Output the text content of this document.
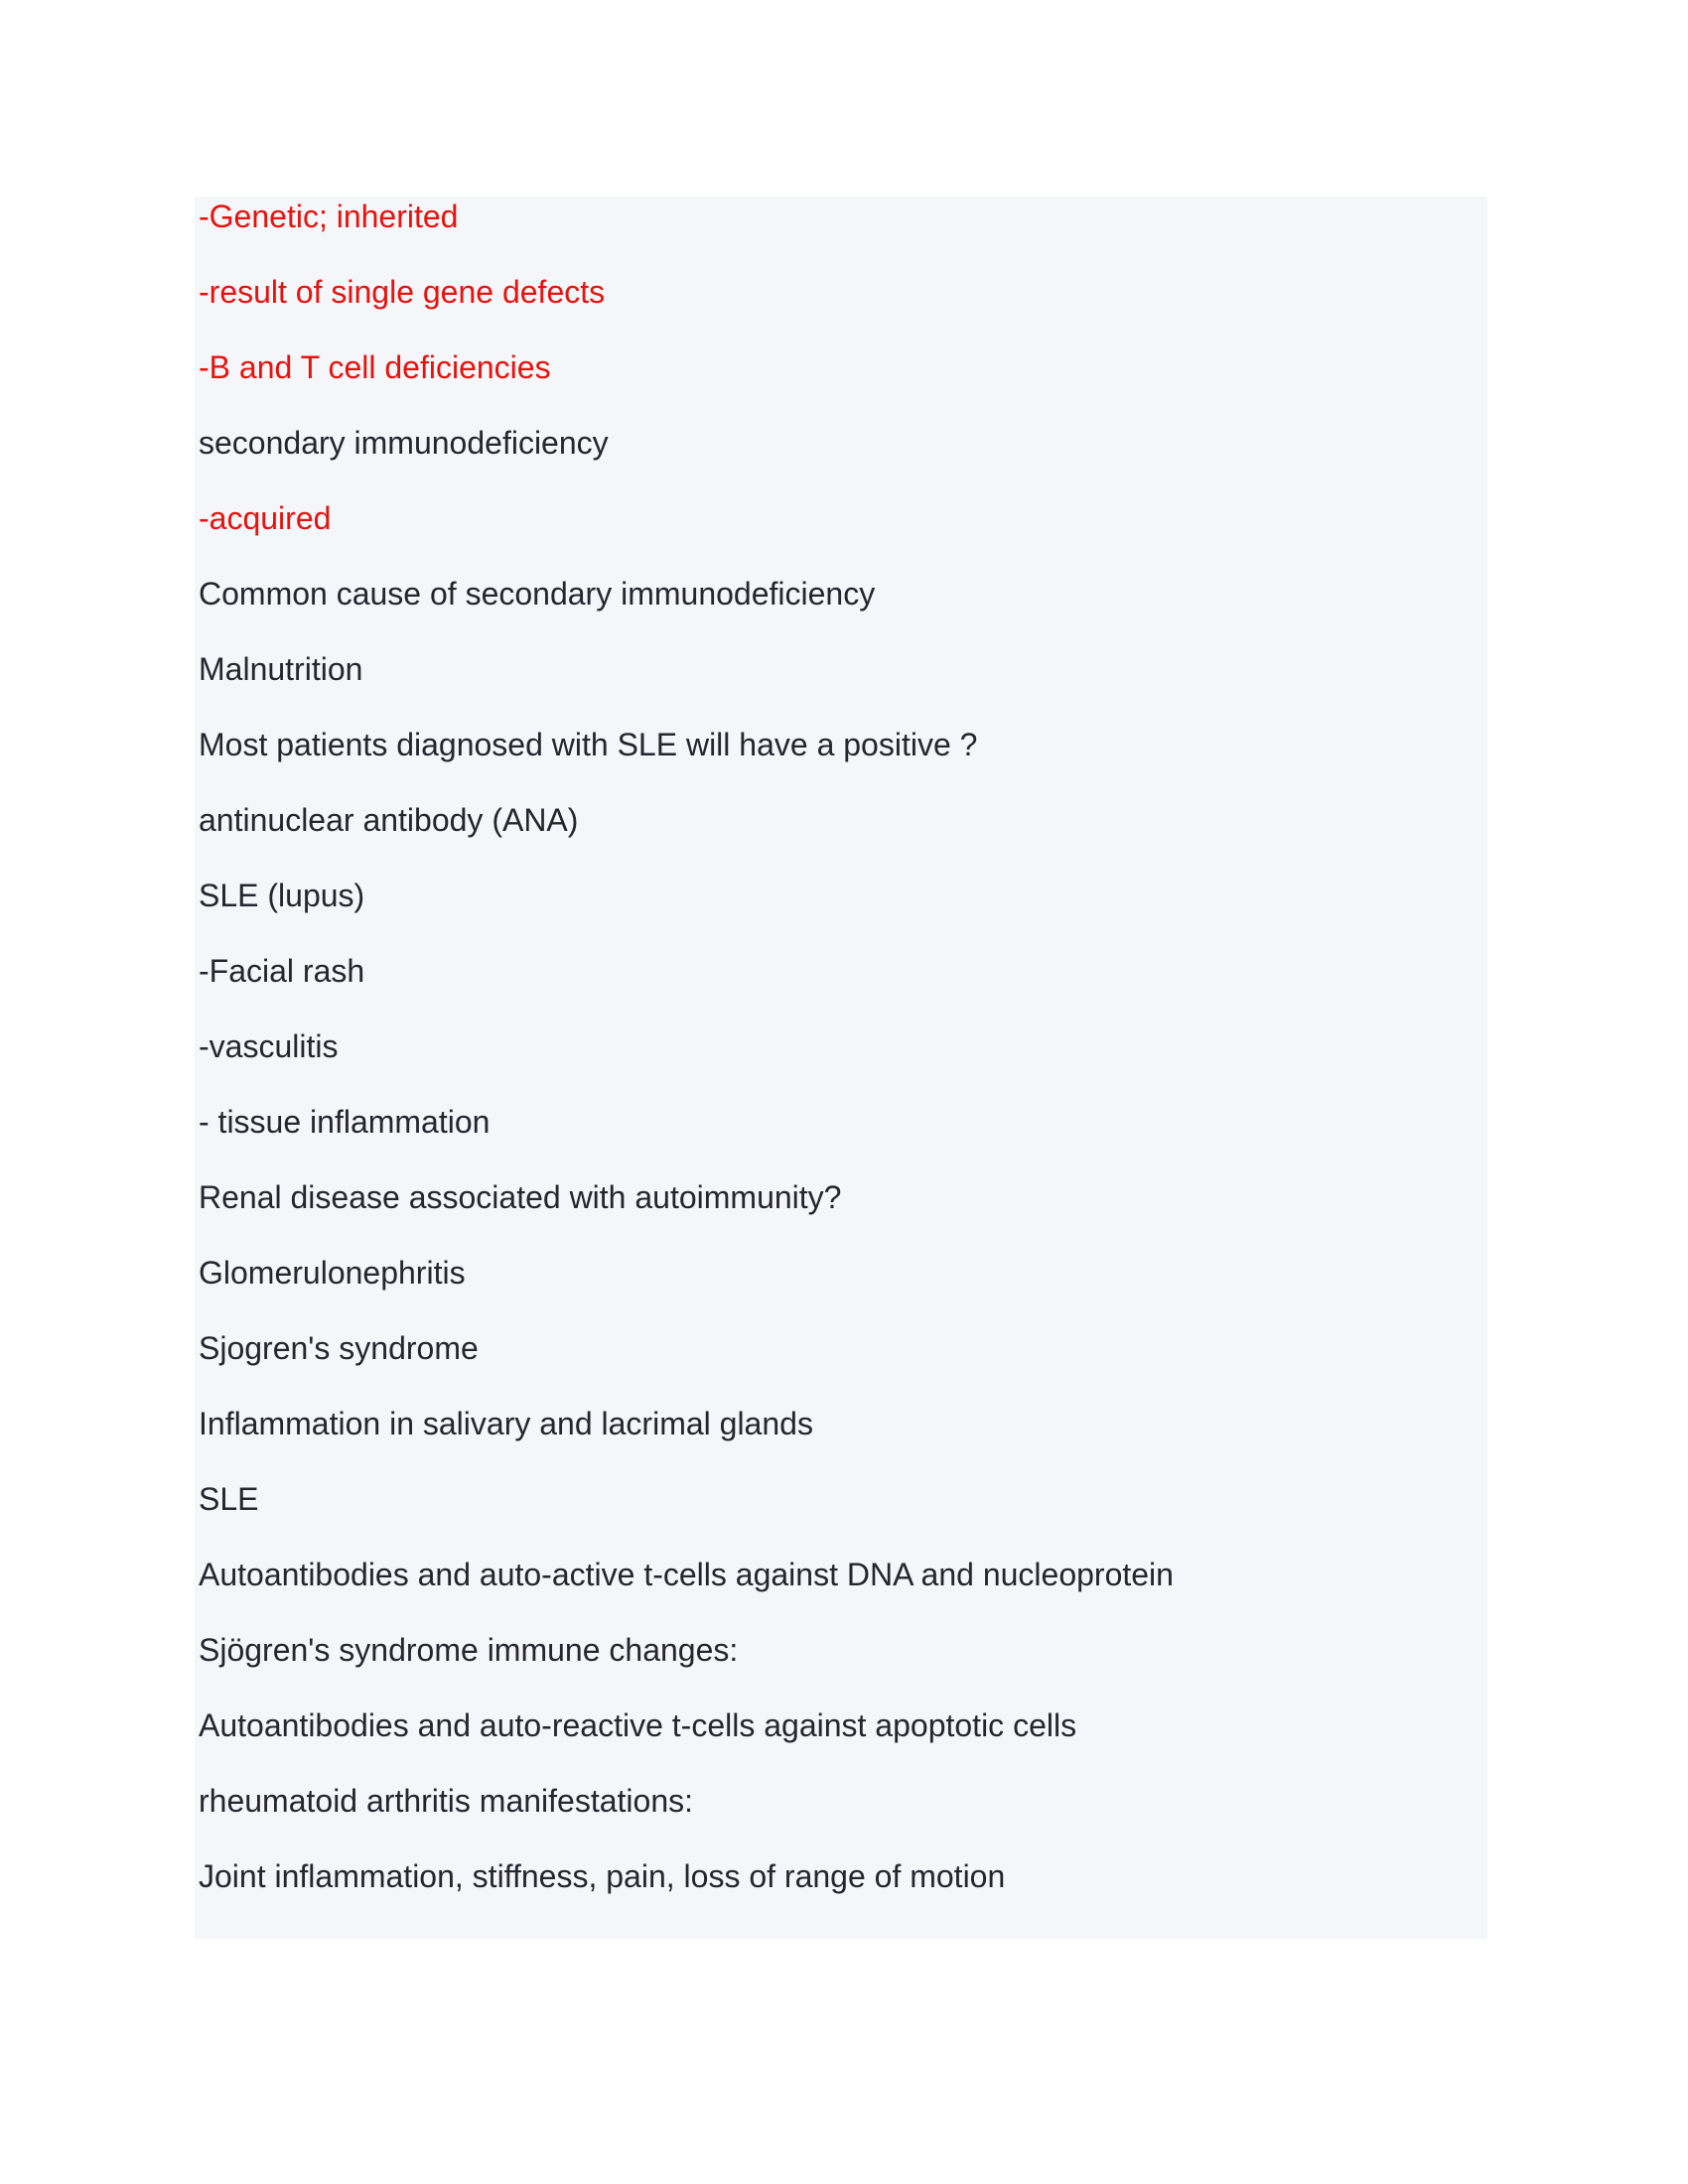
-Genetic; inherited

-result of single gene defects

-B and T cell deficiencies

secondary immunodeficiency

-acquired

Common cause of secondary immunodeficiency

Malnutrition

Most patients diagnosed with SLE will have a positive ?

antinuclear antibody (ANA)

SLE (lupus)

-Facial rash

-vasculitis

- tissue inflammation

Renal disease associated with autoimmunity?

Glomerulonephritis

Sjogren's syndrome

Inflammation in salivary and lacrimal glands

SLE

Autoantibodies and auto-active t-cells against DNA and nucleoprotein

Sjögren's syndrome immune changes:

Autoantibodies and auto-reactive t-cells against apoptotic cells

rheumatoid arthritis manifestations:

Joint inflammation, stiffness, pain, loss of range of motion
